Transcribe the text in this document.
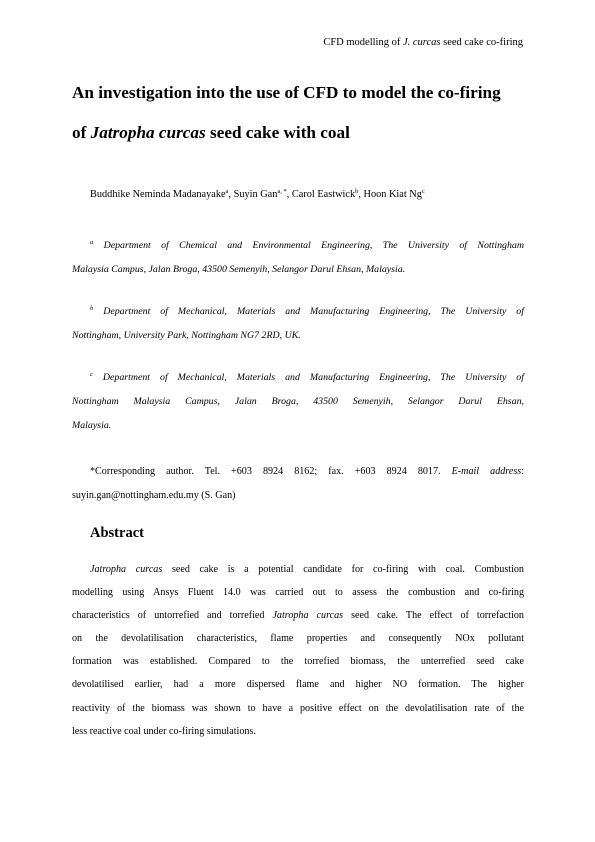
CFD modelling of J. curcas seed cake co-firing
An investigation into the use of CFD to model the co-firing
of Jatropha curcas seed cake with coal
Buddhike Neminda Madanayake$^a$, Suyin Gan$^{a, *}$, Carol Eastwick$^b$, Hoon Kiat Ng$^c$

$^a$ Department of Chemical and Environmental Engineering, The University of Nottingham
Malaysia Campus, Jalan Broga, 43500 Semenyih, Selangor Darul Ehsan, Malaysia.

$^b$ Department of Mechanical, Materials and Manufacturing Engineering, The University of
Nottingham, University Park, Nottingham NG7 2RD, UK.

$^c$ Department of Mechanical, Materials and Manufacturing Engineering, The University of
Nottingham Malaysia Campus, Jalan Broga, 43500 Semenyih, Selangor Darul Ehsan,
Malaysia.

*Corresponding author. Tel. +603 8924 8162; fax. +603 8924 8017. E-mail address:
suyin.gan@nottingham.edu.my (S. Gan)

Abstract

Jatropha curcas seed cake is a potential candidate for co-firing with coal. Combustion
modelling using Ansys Fluent 14.0 was carried out to assess the combustion and co-firing
characteristics of untorrefied and torrefied Jatropha curcas seed cake. The effect of torrefaction
on the devolatilisation characteristics, flame properties and consequently NOx pollutant
formation was established. Compared to the torrefied biomass, the unterrefied seed cake
devolatilised earlier, had a more dispersed flame and higher NO formation. The higher
reactivity of the biomass was shown to have a positive effect on the devolatilisation rate of the
less reactive coal under co-firing simulations.
